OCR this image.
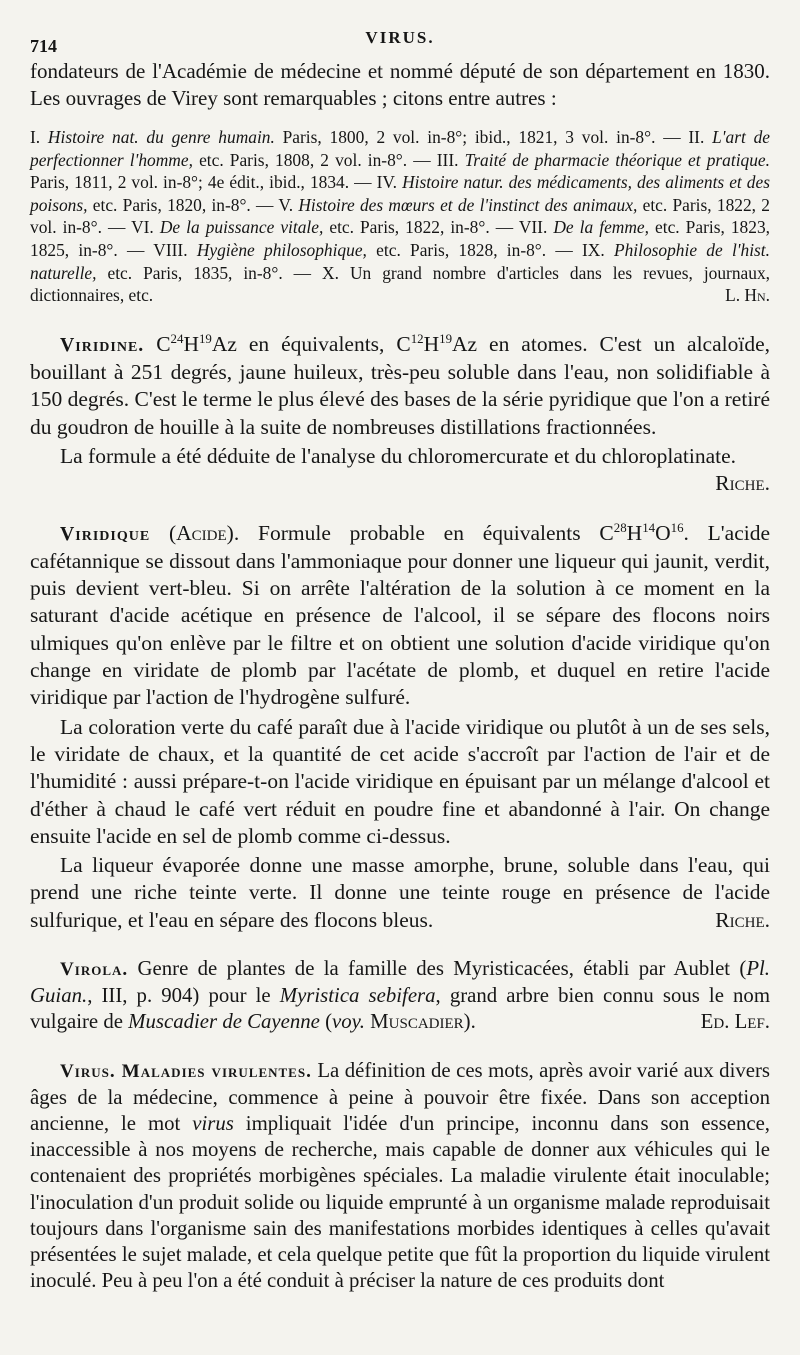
714	VIRUS.

fondateurs de l'Académie de médecine et nommé député de son département en 1830. Les ouvrages de Virey sont remarquables ; citons entre autres :

I. Histoire nat. du genre humain. Paris, 1800, 2 vol. in-8°; ibid., 1821, 3 vol. in-8°. — II. L'art de perfectionner l'homme, etc. Paris, 1808, 2 vol. in-8°. — III. Traité de pharmacie théorique et pratique. Paris, 1811, 2 vol. in-8°; 4e édit., ibid., 1834. — IV. Histoire natur. des médicaments, des aliments et des poisons, etc. Paris, 1820, in-8°. — V. Histoire des mœurs et de l'instinct des animaux, etc. Paris, 1822, 2 vol. in-8°. — VI. De la puissance vitale, etc. Paris, 1822, in-8°. — VII. De la femme, etc. Paris, 1823, 1825, in-8°. — VIII. Hygiène philosophique, etc. Paris, 1828, in-8°. — IX. Philosophie de l'hist. naturelle, etc. Paris, 1835, in-8°. — X. Un grand nombre d'articles dans les revues, journaux, dictionnaires, etc.	L. Hn.

Viridine. $C^{24}H^{19}Az$ en équivalents, $C^{12}H^{19}Az$ en atomes. C'est un alcaloïde, bouillant à 251 degrés, jaune huileux, très-peu soluble dans l'eau, non solidifiable à 150 degrés. C'est le terme le plus élevé des bases de la série pyridique que l'on a retiré du goudron de houille à la suite de nombreuses distillations fractionnées.

La formule a été déduite de l'analyse du chloromercurate et du chloroplatinate.
Riche.

Viridique (Acide). Formule probable en équivalents $C^{28}H^{14}O^{16}$. L'acide cafétannique se dissout dans l'ammoniaque pour donner une liqueur qui jaunit, verdit, puis devient vert-bleu. Si on arrête l'altération de la solution à ce moment en la saturant d'acide acétique en présence de l'alcool, il se sépare des flocons noirs ulmiques qu'on enlève par le filtre et on obtient une solution d'acide viridique qu'on change en viridate de plomb par l'acétate de plomb, et duquel en retire l'acide viridique par l'action de l'hydrogène sulfuré.

La coloration verte du café paraît due à l'acide viridique ou plutôt à un de ses sels, le viridate de chaux, et la quantité de cet acide s'accroît par l'action de l'air et de l'humidité : aussi prépare-t-on l'acide viridique en épuisant par un mélange d'alcool et d'éther à chaud le café vert réduit en poudre fine et abandonné à l'air. On change ensuite l'acide en sel de plomb comme ci-dessus.

La liqueur évaporée donne une masse amorphe, brune, soluble dans l'eau, qui prend une riche teinte verte. Il donne une teinte rouge en présence de l'acide sulfurique, et l'eau en sépare des flocons bleus.	Riche.

Virola. Genre de plantes de la famille des Myristicacées, établi par Aublet (Pl. Guian., III, p. 904) pour le Myristica sebifera, grand arbre bien connu sous le nom vulgaire de Muscadier de Cayenne (voy. Muscadier).	Ed. Lef.

Virus. Maladies virulentes. La définition de ces mots, après avoir varié aux divers âges de la médecine, commence à peine à pouvoir être fixée. Dans son acception ancienne, le mot virus impliquait l'idée d'un principe, inconnu dans son essence, inaccessible à nos moyens de recherche, mais capable de donner aux véhicules qui le contenaient des propriétés morbigènes spéciales. La maladie virulente était inoculable; l'inoculation d'un produit solide ou liquide emprunté à un organisme malade reproduisait toujours dans l'organisme sain des manifestations morbides identiques à celles qu'avait présentées le sujet malade, et cela quelque petite que fût la proportion du liquide virulent inoculé. Peu à peu l'on a été conduit à préciser la nature de ces produits dont
